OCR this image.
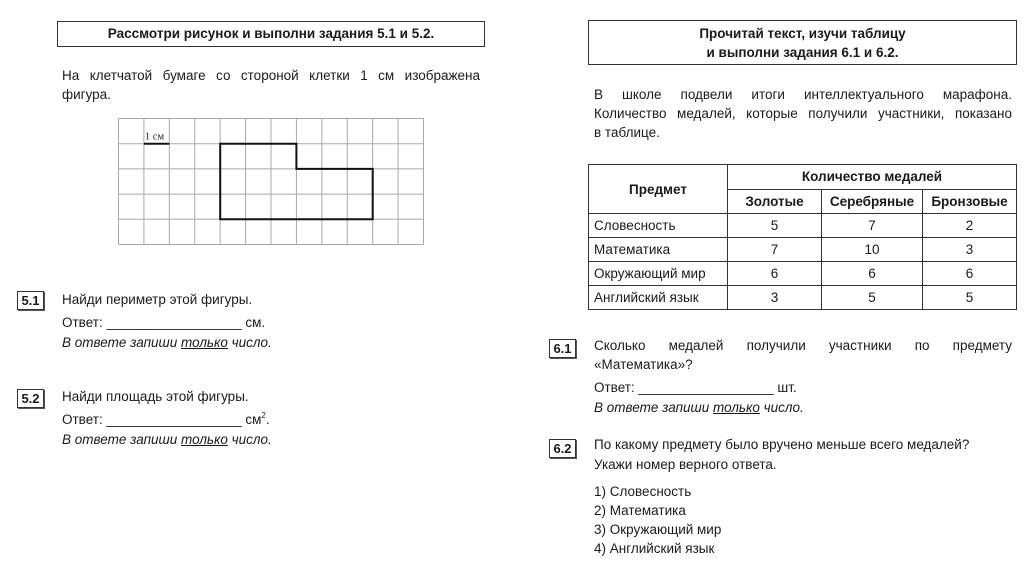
Рассмотри рисунок и выполни задания 5.1 и 5.2.
На клетчатой бумаге со стороной клетки 1 см изображена
фигура.
1 см
5.1	Найди периметр этой фигуры.
Ответ: __________________ см.
В ответе запиши только число.
5.2	Найди площадь этой фигуры.
Ответ: __________________ $см^2$.
В ответе запиши только число.
Прочитай текст, изучи таблицу
и выполни задания 6.1 и 6.2.
В школе подвели итоги интеллектуального марафона.
Количество медалей, которые получили участники, показано
в таблице.
Предмет	Количество медалей		
	Золотые	Серебряные	Бронзовые
Словесность	5	7	2
Математика	7	10	3
Окружающий мир	6	6	6
Английский язык	3	5	5
6.1	Сколько медалей получили участники по предмету
«Математика»?
Ответ: __________________ шт.
В ответе запиши только число.
6.2	По какому предмету было вручено меньше всего медалей?
Укажи номер верного ответа.
1) Словесность
2) Математика
3) Окружающий мир
4) Английский язык
